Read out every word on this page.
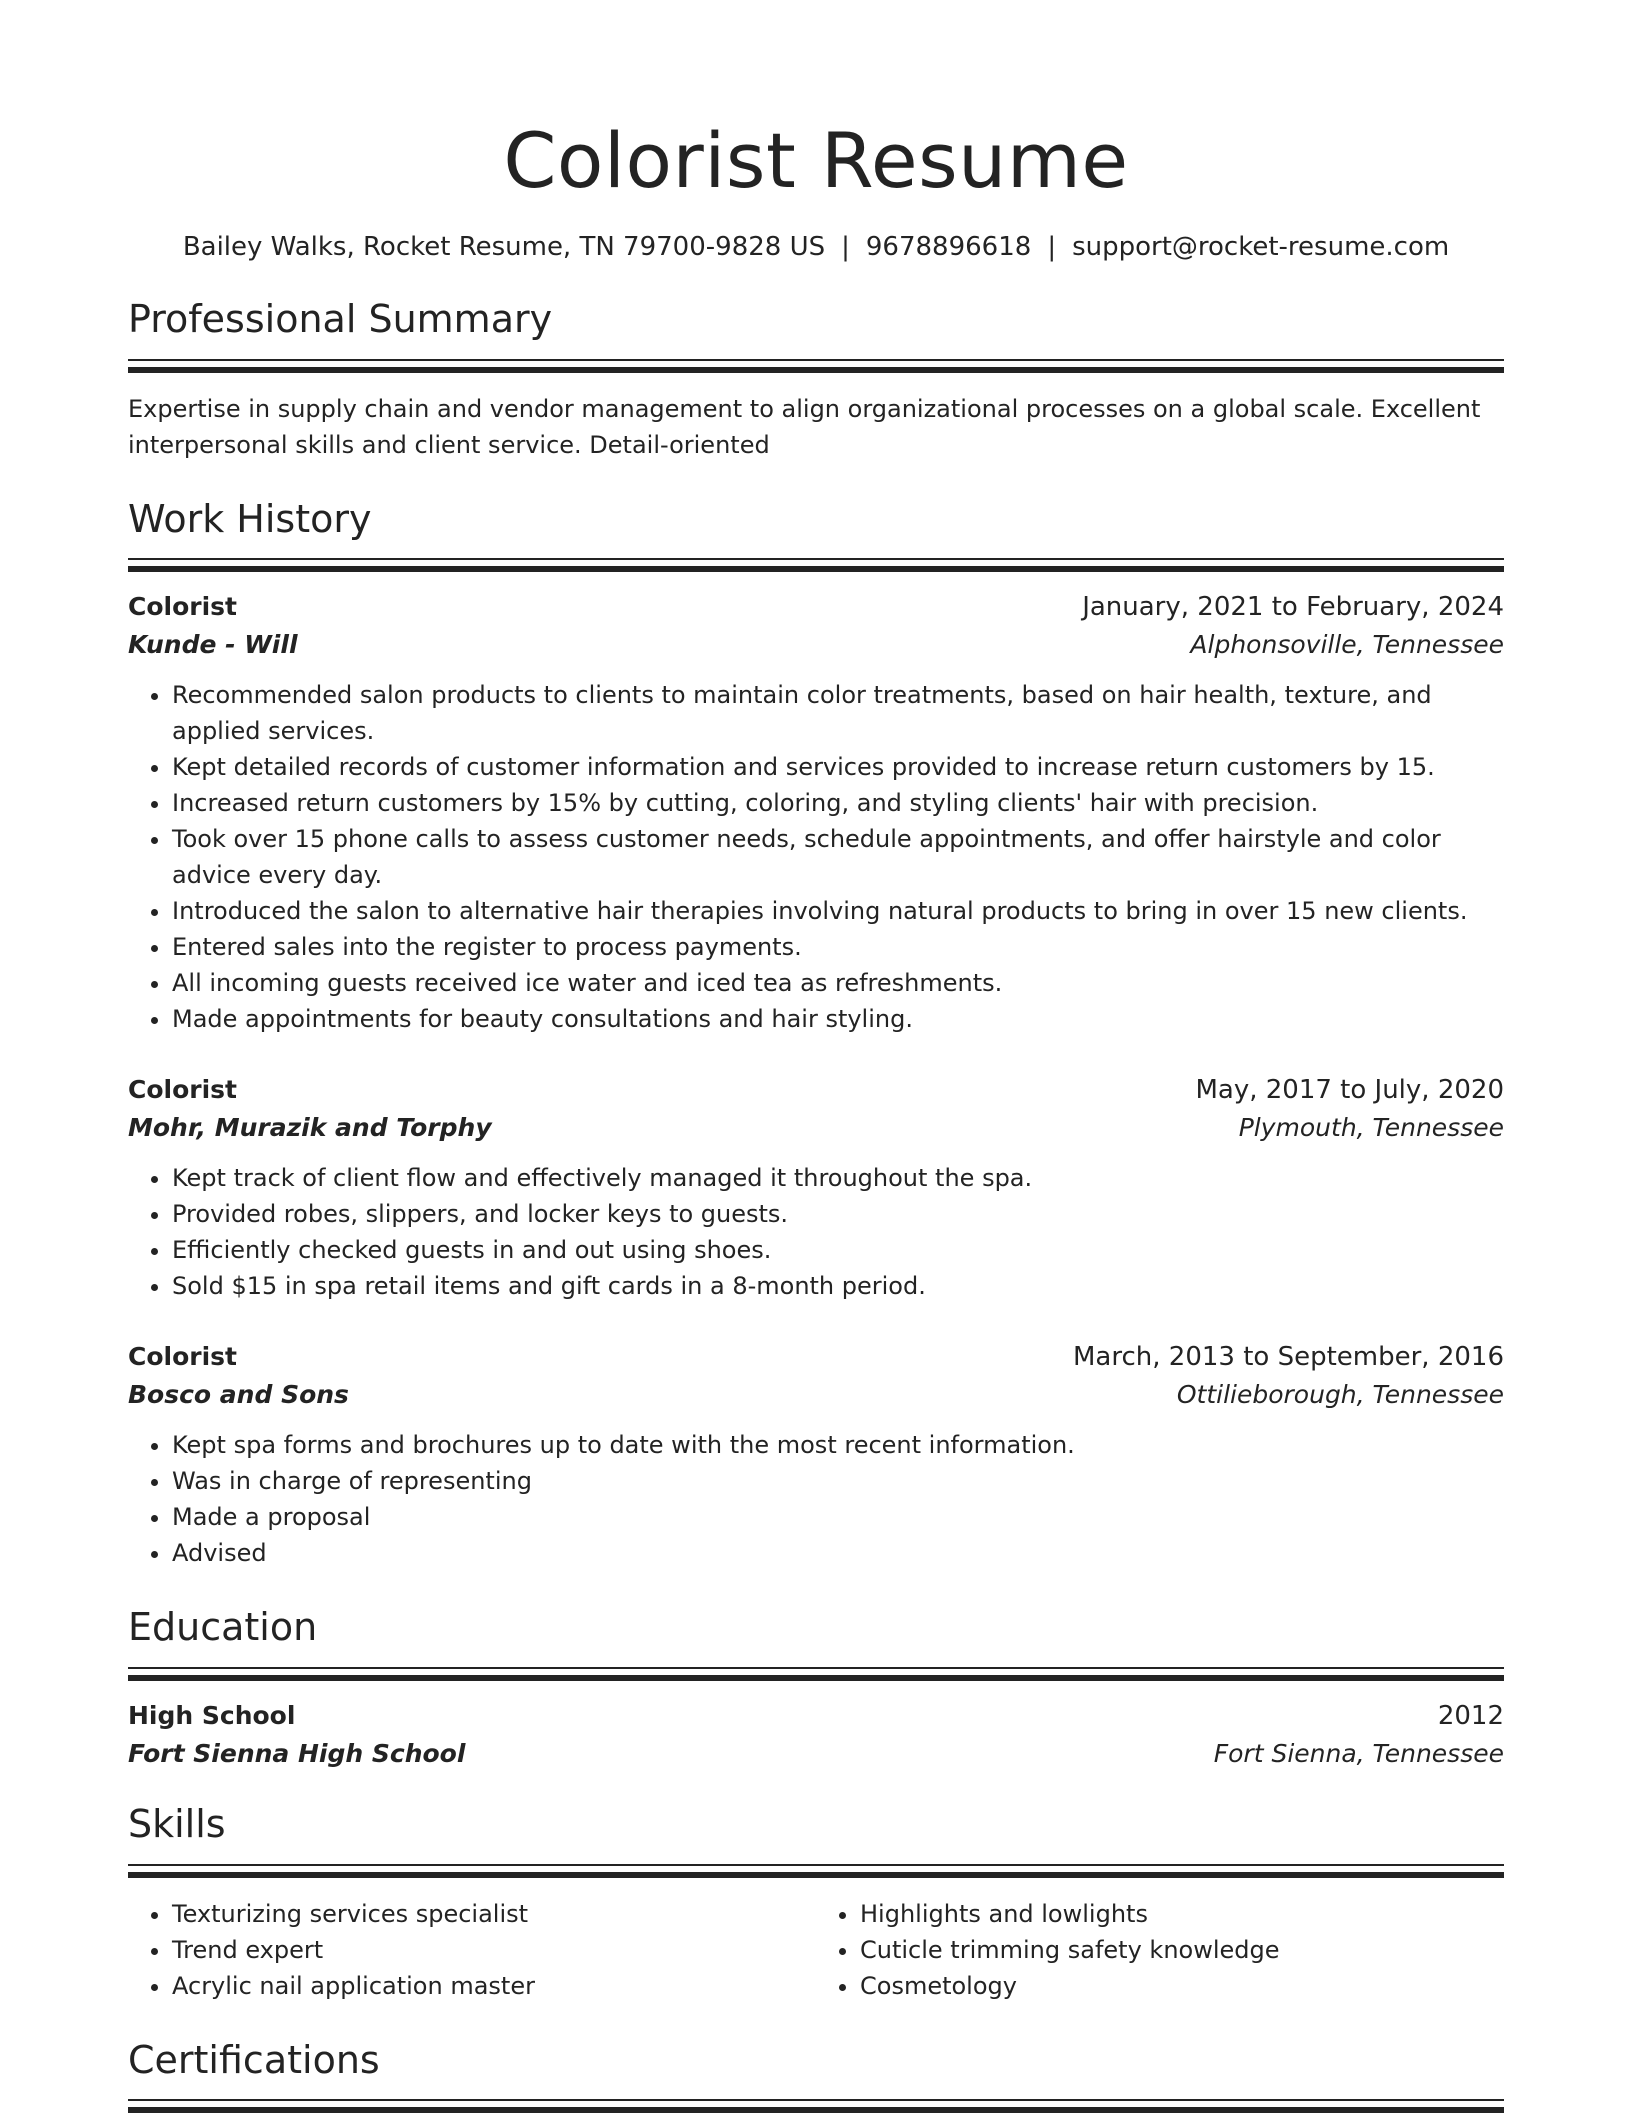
Colorist Resume
Bailey Walks, Rocket Resume, TN 79700-9828 US | 9678896618 | support@rocket-resume.com
Professional Summary
Expertise in supply chain and vendor management to align organizational processes on a global scale. Excellent interpersonal skills and client service. Detail-oriented
Work History
Colorist	January, 2021 to February, 2024
Kunde - Will	Alphonsoville, Tennessee
• Recommended salon products to clients to maintain color treatments, based on hair health, texture, and applied services.
• Kept detailed records of customer information and services provided to increase return customers by 15.
• Increased return customers by 15% by cutting, coloring, and styling clients' hair with precision.
• Took over 15 phone calls to assess customer needs, schedule appointments, and offer hairstyle and color advice every day.
• Introduced the salon to alternative hair therapies involving natural products to bring in over 15 new clients.
• Entered sales into the register to process payments.
• All incoming guests received ice water and iced tea as refreshments.
• Made appointments for beauty consultations and hair styling.
Colorist	May, 2017 to July, 2020
Mohr, Murazik and Torphy	Plymouth, Tennessee
• Kept track of client flow and effectively managed it throughout the spa.
• Provided robes, slippers, and locker keys to guests.
• Efficiently checked guests in and out using shoes.
• Sold $15 in spa retail items and gift cards in a 8-month period.
Colorist	March, 2013 to September, 2016
Bosco and Sons	Ottilieborough, Tennessee
• Kept spa forms and brochures up to date with the most recent information.
• Was in charge of representing
• Made a proposal
• Advised
Education
High School	2012
Fort Sienna High School	Fort Sienna, Tennessee
Skills
• Texturizing services specialist
• Trend expert
• Acrylic nail application master
• Highlights and lowlights
• Cuticle trimming safety knowledge
• Cosmetology
Certifications
